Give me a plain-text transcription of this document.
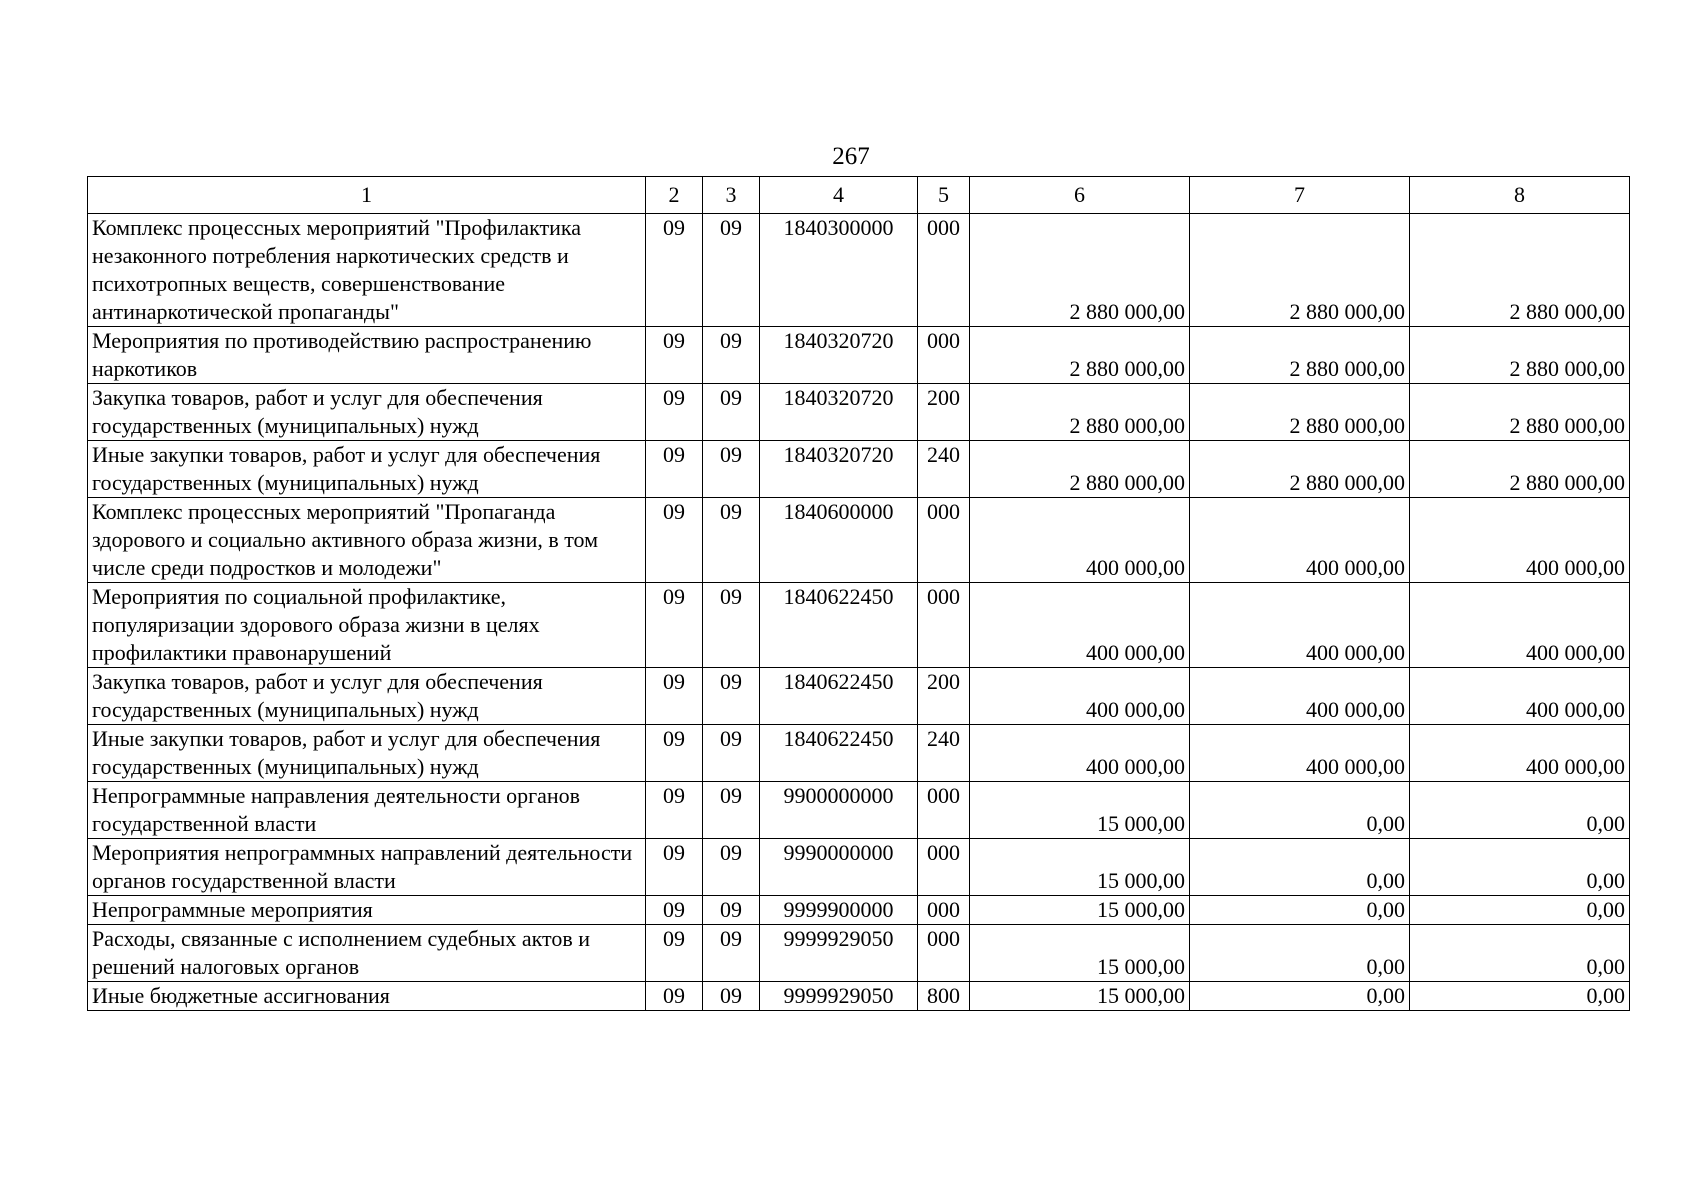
267
1	2	3	4	5	6	7	8
Комплекс процессных мероприятий "Профилактика незаконного потребления наркотических средств и психотропных веществ, совершенствование антинаркотической пропаганды"	09	09	1840300000	000	2 880 000,00	2 880 000,00	2 880 000,00
Мероприятия по противодействию распространению наркотиков	09	09	1840320720	000	2 880 000,00	2 880 000,00	2 880 000,00
Закупка товаров, работ и услуг для обеспечения государственных (муниципальных) нужд	09	09	1840320720	200	2 880 000,00	2 880 000,00	2 880 000,00
Иные закупки товаров, работ и услуг для обеспечения государственных (муниципальных) нужд	09	09	1840320720	240	2 880 000,00	2 880 000,00	2 880 000,00
Комплекс процессных мероприятий "Пропаганда здорового и социально активного образа жизни, в том числе среди подростков и молодежи"	09	09	1840600000	000	400 000,00	400 000,00	400 000,00
Мероприятия по социальной профилактике, популяризации здорового образа жизни в целях профилактики правонарушений	09	09	1840622450	000	400 000,00	400 000,00	400 000,00
Закупка товаров, работ и услуг для обеспечения государственных (муниципальных) нужд	09	09	1840622450	200	400 000,00	400 000,00	400 000,00
Иные закупки товаров, работ и услуг для обеспечения государственных (муниципальных) нужд	09	09	1840622450	240	400 000,00	400 000,00	400 000,00
Непрограммные направления деятельности органов государственной власти	09	09	9900000000	000	15 000,00	0,00	0,00
Мероприятия непрограммных направлений деятельности органов государственной власти	09	09	9990000000	000	15 000,00	0,00	0,00
Непрограммные мероприятия	09	09	9999900000	000	15 000,00	0,00	0,00
Расходы, связанные с исполнением судебных актов и решений налоговых органов	09	09	9999929050	000	15 000,00	0,00	0,00
Иные бюджетные ассигнования	09	09	9999929050	800	15 000,00	0,00	0,00
